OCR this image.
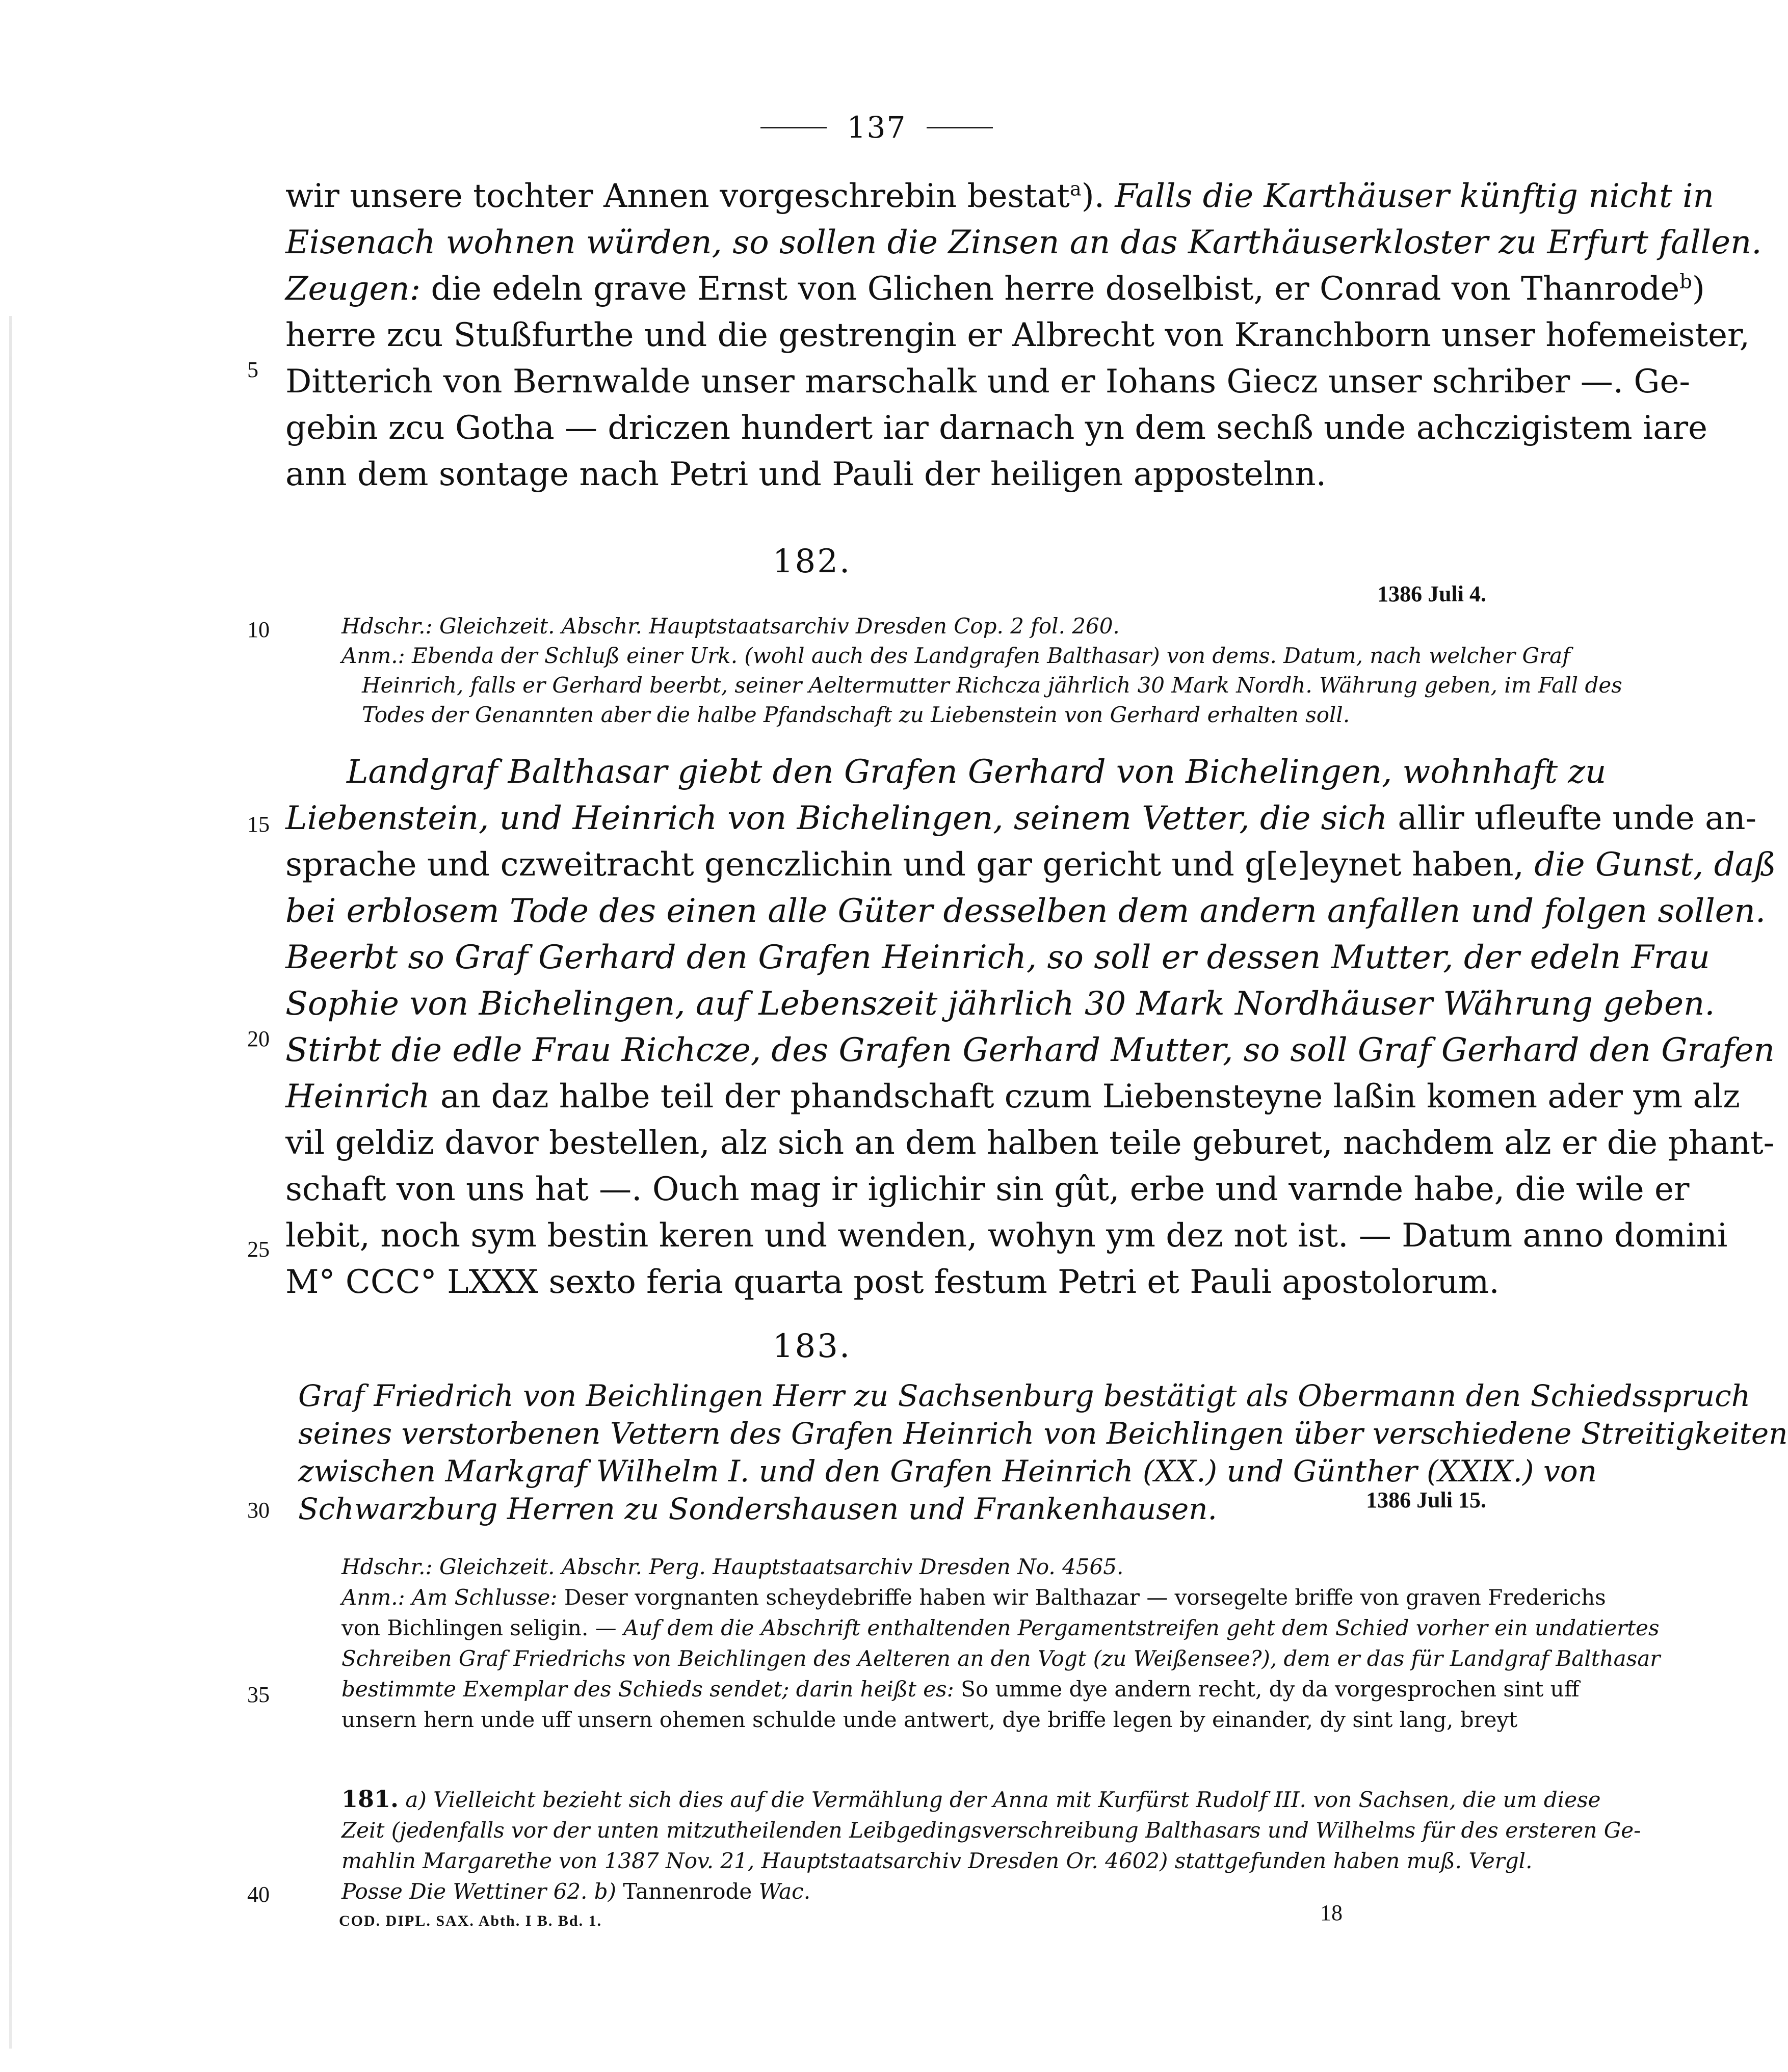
137
wir unsere tochter Annen vorgeschrebin bestat$^a$). Falls die Karthäuser künftig nicht in
Eisenach wohnen würden, so sollen die Zinsen an das Karthäuserkloster zu Erfurt fallen.
Zeugen: die edeln grave Ernst von Glichen herre doselbist, er Conrad von Thanrode$^b$)
herre zcu Stußfurthe und die gestrengin er Albrecht von Kranchborn unser hofemeister,
Ditterich von Bernwalde unser marschalk und er Iohans Giecz unser schriber —. Ge-
gebin zcu Gotha — driczen hundert iar darnach yn dem sechß unde achczigistem iare
ann dem sontage nach Petri und Pauli der heiligen appostelnn.
5
182.
1386 Juli 4.
10	Hdschr.: Gleichzeit. Abschr. Hauptstaatsarchiv Dresden Cop. 2 fol. 260.
Anm.: Ebenda der Schluß einer Urk. (wohl auch des Landgrafen Balthasar) von dems. Datum, nach welcher Graf
Heinrich, falls er Gerhard beerbt, seiner Aeltermutter Richcza jährlich 30 Mark Nordh. Währung geben, im Fall des
Todes der Genannten aber die halbe Pfandschaft zu Liebenstein von Gerhard erhalten soll.
Landgraf Balthasar giebt den Grafen Gerhard von Bichelingen, wohnhaft zu
Liebenstein, und Heinrich von Bichelingen, seinem Vetter, die sich allir ufleufte unde an-
sprache und czweitracht genczlichin und gar gericht und g[e]eynet haben, die Gunst, daß
bei erblosem Tode des einen alle Güter desselben dem andern anfallen und folgen sollen.
Beerbt so Graf Gerhard den Grafen Heinrich, so soll er dessen Mutter, der edeln Frau
Sophie von Bichelingen, auf Lebenszeit jährlich 30 Mark Nordhäuser Währung geben.
Stirbt die edle Frau Richcze, des Grafen Gerhard Mutter, so soll Graf Gerhard den Grafen
Heinrich an daz halbe teil der phandschaft czum Liebensteyne laßin komen ader ym alz
vil geldiz davor bestellen, alz sich an dem halben teile geburet, nachdem alz er die phant-
schaft von uns hat —. Ouch mag ir iglichir sin gût, erbe und varnde habe, die wile er
lebit, noch sym bestin keren und wenden, wohyn ym dez not ist. — Datum anno domini
M° CCC° LXXX sexto feria quarta post festum Petri et Pauli apostolorum.
15
20
25
183.
Graf Friedrich von Beichlingen Herr zu Sachsenburg bestätigt als Obermann den Schiedsspruch
seines verstorbenen Vettern des Grafen Heinrich von Beichlingen über verschiedene Streitigkeiten
zwischen Markgraf Wilhelm I. und den Grafen Heinrich (XX.) und Günther (XXIX.) von
Schwarzburg Herren zu Sondershausen und Frankenhausen.	1386 Juli 15.
30
Hdschr.: Gleichzeit. Abschr. Perg. Hauptstaatsarchiv Dresden No. 4565.
Anm.: Am Schlusse: Deser vorgnanten scheydebriffe haben wir Balthazar — vorsegelte briffe von graven Frederichs
von Bichlingen seligin. — Auf dem die Abschrift enthaltenden Pergamentstreifen geht dem Schied vorher ein undatiertes
Schreiben Graf Friedrichs von Beichlingen des Aelteren an den Vogt (zu Weißensee?), dem er das für Landgraf Balthasar
bestimmte Exemplar des Schieds sendet; darin heißt es: So umme dye andern recht, dy da vorgesprochen sint uff
unsern hern unde uff unsern ohemen schulde unde antwert, dye briffe legen by einander, dy sint lang, breyt
35
181. a) Vielleicht bezieht sich dies auf die Vermählung der Anna mit Kurfürst Rudolf III. von Sachsen, die um diese
Zeit (jedenfalls vor der unten mitzutheilenden Leibgedingsverschreibung Balthasars und Wilhelms für des ersteren Ge-
mahlin Margarethe von 1387 Nov. 21, Hauptstaatsarchiv Dresden Or. 4602) stattgefunden haben muß. Vergl.
Posse Die Wettiner 62. b) Tannenrode Wac.
40
COD. DIPL. SAX. Abth. I B. Bd. 1.	18
